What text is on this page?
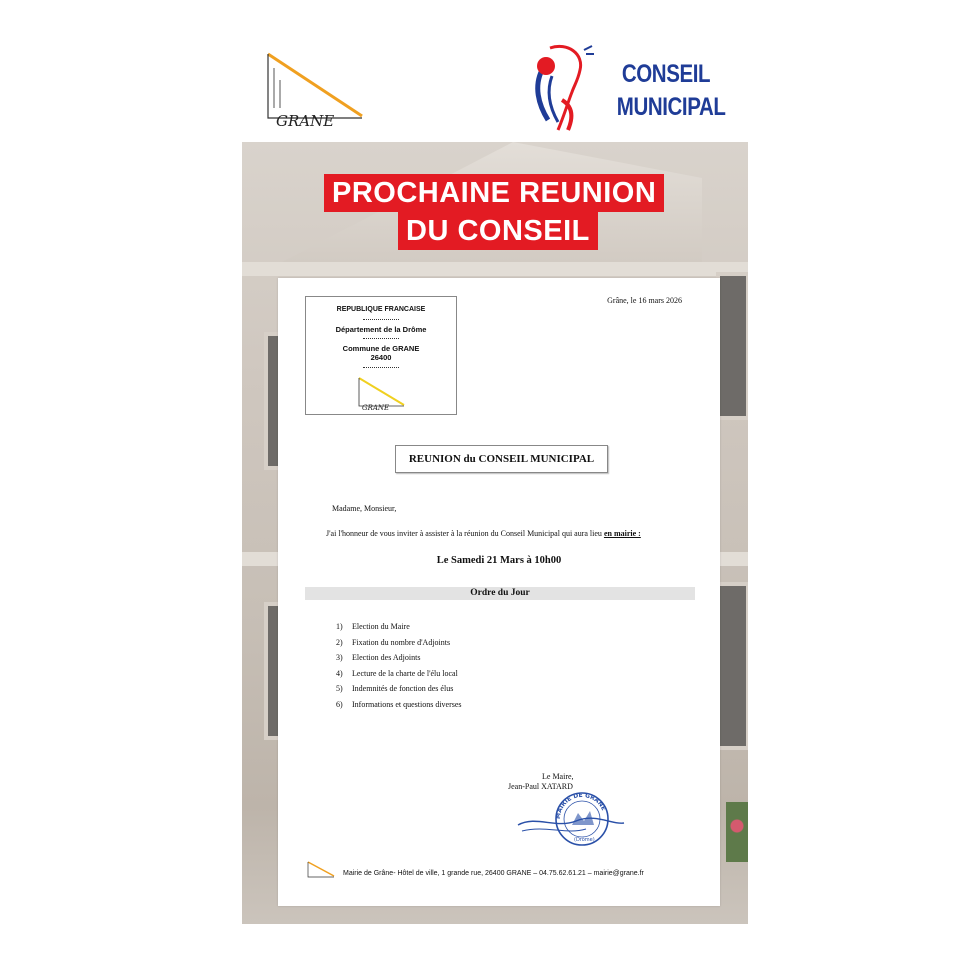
GRANE
CONSEIL
MUNICIPAL
PROCHAINE REUNION
DU CONSEIL
REPUBLIQUE FRANCAISE
Département de la Drôme
Commune de GRANE
26400
GRANE
Grâne, le 16 mars 2026
REUNION du CONSEIL MUNICIPAL
Madame, Monsieur,
J'ai l'honneur de vous inviter à assister à la réunion du Conseil Municipal qui aura lieu en mairie :
Le Samedi 21 Mars à 10h00
Ordre du Jour
1) Election du Maire
2) Fixation du nombre d'Adjoints
3) Election des Adjoints
4) Lecture de la charte de l'élu local
5) Indemnités de fonction des élus
6) Informations et questions diverses
Le Maire,
Jean-Paul XATARD
MAIRIE DE GRANE
(Drôme)
Mairie de Grâne- Hôtel de ville, 1 grande rue, 26400 GRANE – 04.75.62.61.21 – mairie@grane.fr
